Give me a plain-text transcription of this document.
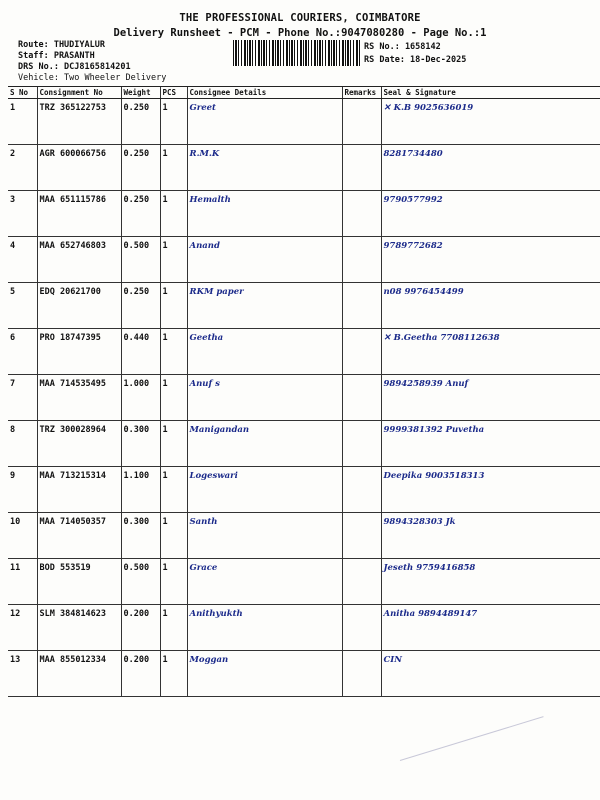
THE PROFESSIONAL COURIERS, COIMBATORE
Delivery Runsheet - PCM - Phone No.:9047080280 - Page No.:1
Route: THUDIYALUR
Staff: PRASANTH
DRS No.: DCJ8165814201
Vehicle: Two Wheeler Delivery
RS No.: 1658142
RS Date: 18-Dec-2025
S No	Consignment No	Weight	PCS	Consignee Details	Remarks	Seal & Signature
1	TRZ 365122753	0.250	1	Greet		✕ K.B 9025636019
2	AGR 600066756	0.250	1	R.M.K		8281734480
3	MAA 651115786	0.250	1	Hemalth		9790577992
4	MAA 652746803	0.500	1	Anand		9789772682
5	EDQ 20621700	0.250	1	RKM paper		n08 9976454499
6	PRO 18747395	0.440	1	Geetha		✕ B.Geetha 7708112638
7	MAA 714535495	1.000	1	Anuf s		9894258939 Anuf
8	TRZ 300028964	0.300	1	Manigandan		9999381392 Puvetha
9	MAA 713215314	1.100	1	Logeswari		Deepika 9003518313
10	MAA 714050357	0.300	1	Santh		9894328303 Jk
11	BOD 553519	0.500	1	Grace		Jeseth 9759416858
12	SLM 384814623	0.200	1	Anithyukth		Anitha 9894489147
13	MAA 855012334	0.200	1	Moggan		CIN
